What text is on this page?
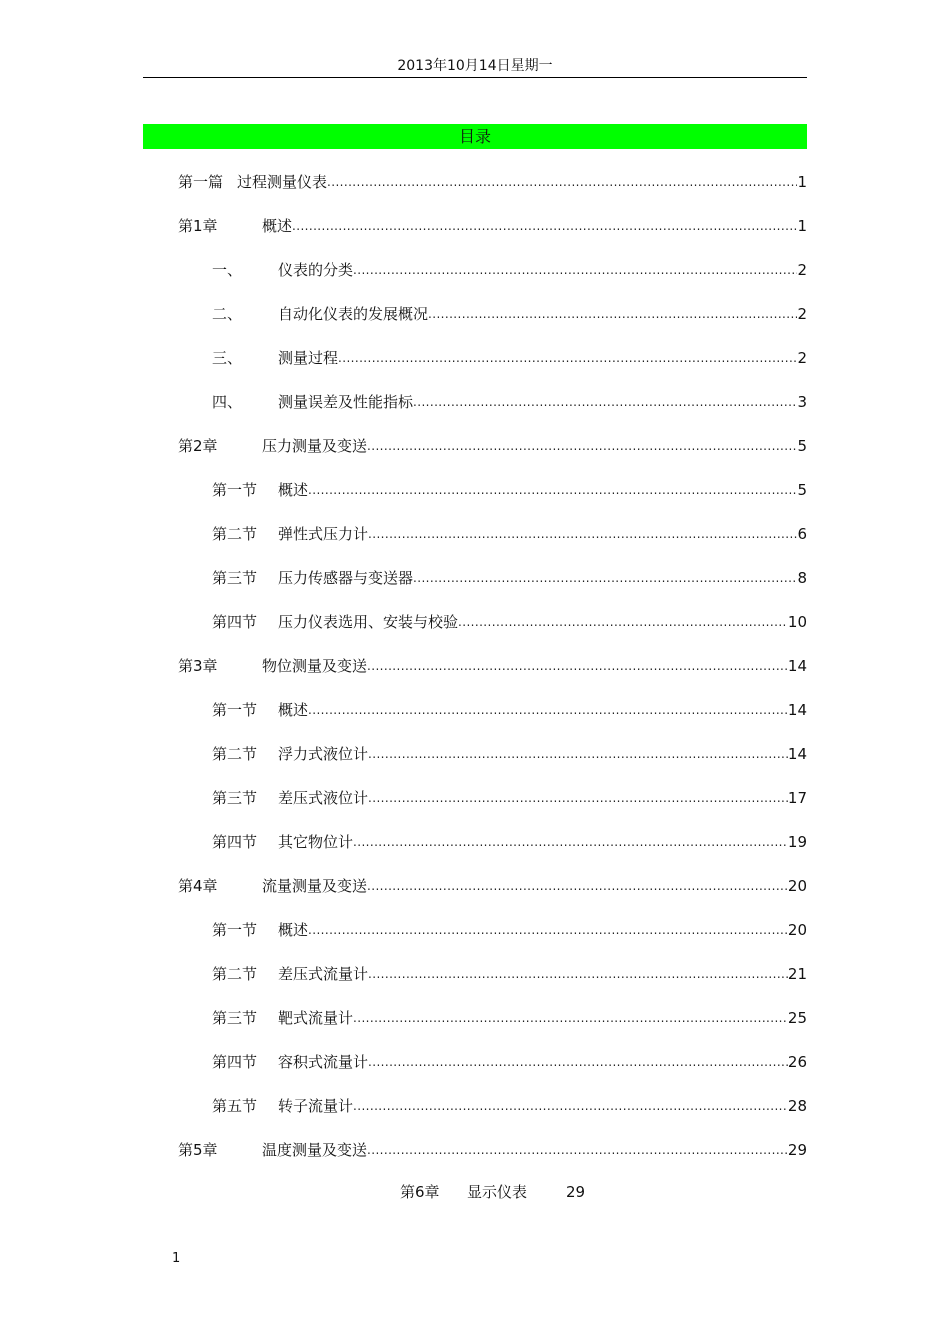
2013年10月14日星期一
目录
第一篇 过程测量仪表 .....	1
第1章	概述 .....	1
一、	仪表的分类 .....	2
二、	自动化仪表的发展概况 .....	2
三、	测量过程 .....	2
四、	测量误差及性能指标 .....	3
第2章	压力测量及变送 .....	5
第一节	概述 .....	5
第二节	弹性式压力计 .....	6
第三节	压力传感器与变送器 .....	8
第四节	压力仪表选用、安装与校验 .....	10
第3章	物位测量及变送 .....	14
第一节	概述 .....	14
第二节	浮力式液位计 .....	14
第三节	差压式液位计 .....	17
第四节	其它物位计 .....	19
第4章	流量测量及变送 .....	20
第一节	概述 .....	20
第二节	差压式流量计 .....	21
第三节	靶式流量计 .....	25
第四节	容积式流量计 .....	26
第五节	转子流量计 .....	28
第5章	温度测量及变送 .....	29
第6章 显示仪表	29
1
